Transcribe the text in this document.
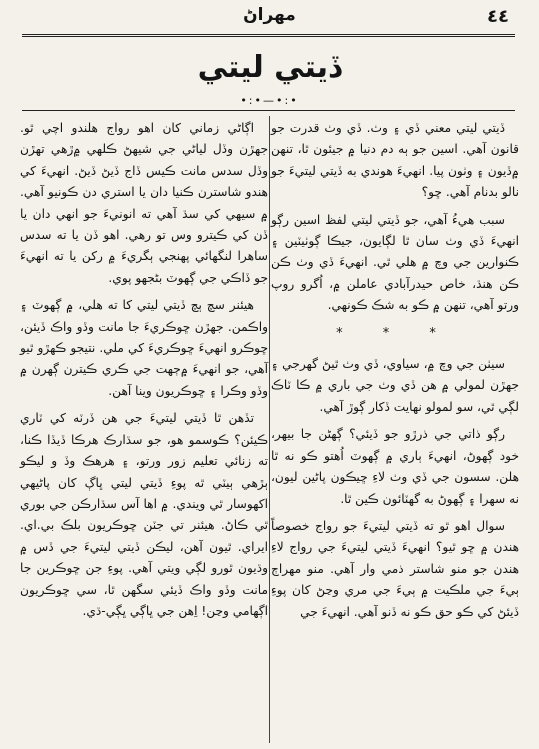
٤٤
مهراڻ
ڏيتي ليتي
•:•—•:•

ڏيتي ليتي معني ڏي ۽ وٺ. ڏي وٺ قدرت جو قانون آهي. اسين جو ٻه دم دنيا ۾ جيئون ٿا، تنهن ۾ڏيون ۽ وٺون پيا. انهيءَ هوندي به ڏيتي ليتيءَ جو نالو بدنام آهي. ڇو؟

سبب هيءُ آهي، جو ڏيتي ليتي لفظ اسين رڳو انهيءَ ڏي وٺ سان ٿا لڳايون، جيڪا ڳوٺيٽين ۽ ڪنوارين جي وچ ۾ هلي ٿي. انهيءَ ڏي وٺ ڪن ڪن هنڌ، خاص حيدرآبادي عاملن ۾، اُگرو روپ ورتو آهي، تنهن ۾ ڪو به شڪ ڪونهي.

* * *

سيٺن جي وچ ۾، سياوي، ڏي وٺ ٿيڻ گهرجي ۽ جهڙن لمولي ۾ هن ڏي وٺ جي باري ۾ ڪا ٽاڪ لڳي ٿي، سو لمولو نهايت ڏکار ڳوڙ آهي.

رڳو ذاتي جي ذرڙو جو ڏيئي؟ ڳهڻن جا بيهر، خود ڳهوڻ، انهيءَ ٻاري ۾ ڳهوٽ اُهتو ڪو نه ٿا هلن. سسون جي ڏي وٺ لاءِ ڇيڪون پاڻين ليون، نه سهرا ۽ ڳهوڻ به گهٽائون ڪين ٿا.

سوال اهو ٿو ته ڏيتي ليتيءَ جو رواج خصوصاً هندن ۾ ڇو ٿيو؟ انهيءَ ڏيتي ليتيءَ جي رواج لاءِ هندن جو منو شاستر ذمي وار آهي. منو مهراڄ ٻيءَ جي ملڪيت ۾ ٻيءَ جي مري وڃڻ کان پوءِ ڏيئڻ کي ڪو حق ڪو نه ڏنو آهي. انهيءَ جي

اڳاڻي زماني کان اهو رواج هلندو اچي ٿو. جهڙن وڏل لياڻي جي شيهڻ ڪلهي ۾ڙهي تهڙن وڏل سدس مانت ڪيس ڏاج ڏيڻ ڏيڻ. انهيءَ کي هندو شاسترن ڪنيا دان يا استري دن ڪونيو آهي. ۾ سيهي کي سڌ آهي ته انونيءَ جو انهي دان يا ڏن کي ڪيترو وس تو رهي. اهو ڏن يا ته سدس ساهرا لنگهائي پهنجي ٻگريءَ ۾ رکن يا ته انهيءَ جو ڏاڪي جي ڳهوٽ بڻجهو پوي.

هيئنر سچ ٻچ ڏيتي ليتي کا ته هلي، ۾ ڳهوٽ ۽ واڪمن. جهڙن ڇوڪريءَ جا مانت وڏو واڪ ڏيئن، ڇوڪرو انهيءَ ڇوڪريءَ کي ملي. نتيجو ڪهڙو ٿيو آهي، جو انهيءَ ۾ڄهت جي ڪري ڪيترن ڳهرن ۾ وڏو وڪرا ۽ ڇوڪريون وينا آهن.

تڏهن ٿا ڏيتي ليتيءَ جي هن ڏرٽه کي ٽاري ڪيئن؟ ڪوسمو هو، جو سڌارڪ هرڪا ڏيڏا ڪنا، ته زنائي تعليم زور ورتو، ۽ هرهڪ وڏ و ليڪو ٻڙهي ٻيٽي ٿه پوءِ ڏيتي ليتي ڀاڳ کان پاڻيهي اکهوسار ٿي ويندي. ۾ اها آس سڌارڪن جي بوري ٿي ڪاڻ. هيئنر تي جٽن ڇوڪريون بلڪ بي.اي. ايراي. ٿيون آهن، ليڪن ڏيتي ليتيءَ جي ڏس ۾ وڌيون ٿورو لڳي ويتي آهي. پوءِ جن ڇوڪرين جا مانت وڏو واڪ ڏيئي سگهن ٿا، سي ڇوڪريون اڳهامي وڃن! اِهن جي ڀاڳي ڀڳي-ڌي.
